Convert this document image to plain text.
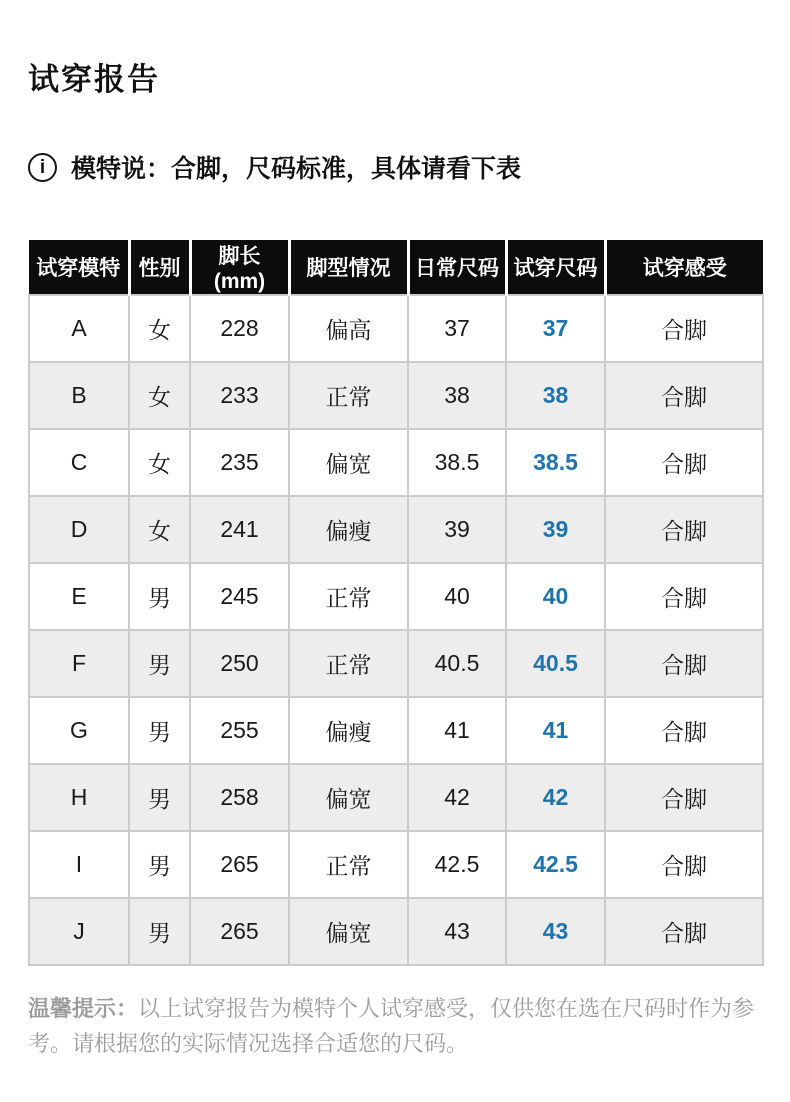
试穿报告
i	模特说：合脚，尺码标准，具体请看下表
试穿模特	性别	脚长(mm)	脚型情况	日常尺码	试穿尺码	试穿感受
A	女	228	偏高	37	37	合脚
B	女	233	正常	38	38	合脚
C	女	235	偏宽	38.5	38.5	合脚
D	女	241	偏瘦	39	39	合脚
E	男	245	正常	40	40	合脚
F	男	250	正常	40.5	40.5	合脚
G	男	255	偏瘦	41	41	合脚
H	男	258	偏宽	42	42	合脚
I	男	265	正常	42.5	42.5	合脚
J	男	265	偏宽	43	43	合脚

温馨提示：以上试穿报告为模特个人试穿感受，仅供您在选在尺码时作为参考。请根据您的实际情况选择合适您的尺码。
